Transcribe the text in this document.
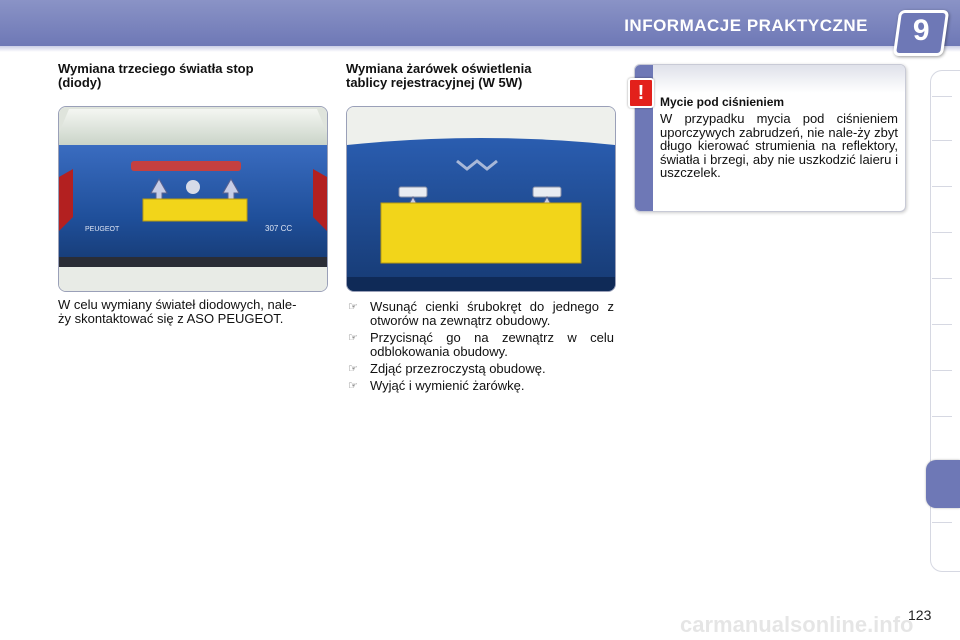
INFORMACJE PRAKTYCZNE	9
Wymiana trzeciego światła stop
(diody)
PEUGEOT	307 CC
W celu wymiany świateł diodowych, nale-
ży skontaktować się z ASO PEUGEOT.
Wymiana żarówek oświetlenia
tablicy rejestracyjnej (W 5W)
☞ Wsunąć cienki śrubokręt do jednego z otworów na zewnątrz obudowy.
☞ Przycisnąć go na zewnątrz w celu odblokowania obudowy.
☞ Zdjąć przezroczystą obudowę.
☞ Wyjąć i wymienić żarówkę.
!	Mycie pod ciśnieniem
W przypadku mycia pod ciśnieniem uporczywych zabrudzeń, nie nale-ży zbyt długo kierować strumienia na reflektory, światła i brzegi, aby nie uszkodzić laieru i uszczelek.
123
carmanualsonline.info
